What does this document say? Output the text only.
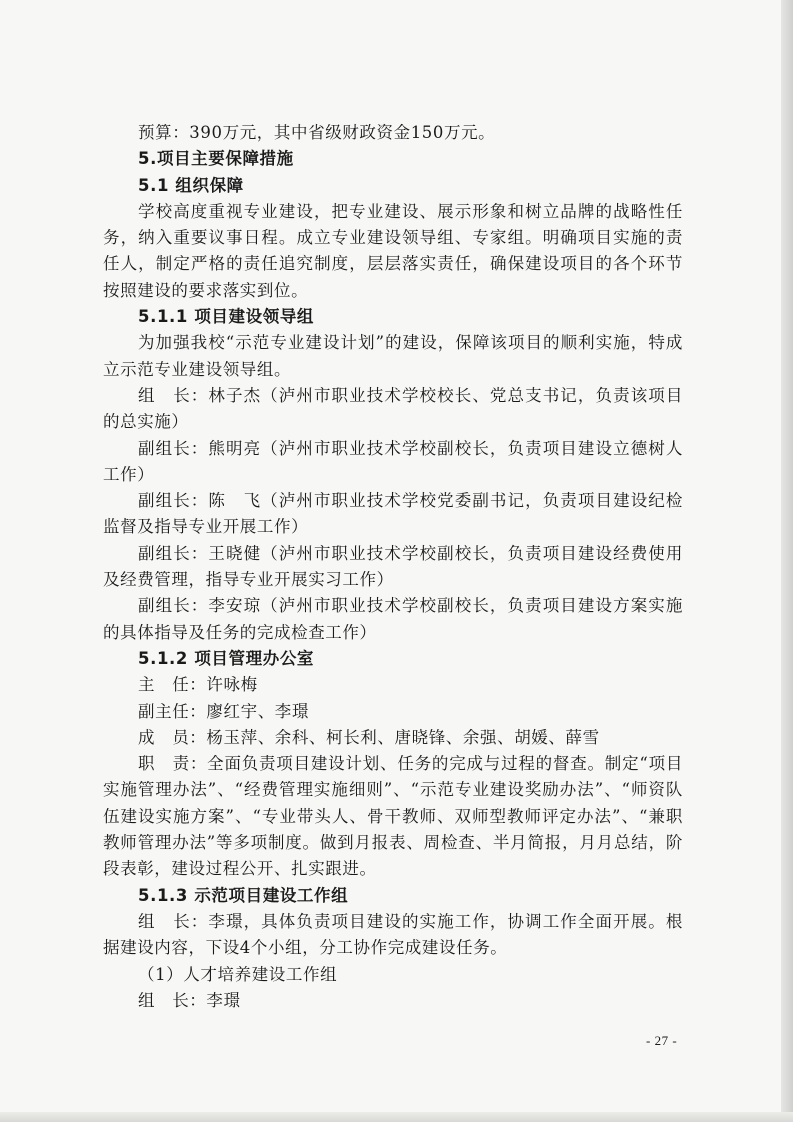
预算：390万元，其中省级财政资金150万元。

5.项目主要保障措施

5.1 组织保障

学校高度重视专业建设，把专业建设、展示形象和树立品牌的战略性任务，纳入重要议事日程。成立专业建设领导组、专家组。明确项目实施的责任人，制定严格的责任追究制度，层层落实责任，确保建设项目的各个环节按照建设的要求落实到位。

5.1.1 项目建设领导组

为加强我校“示范专业建设计划”的建设，保障该项目的顺利实施，特成立示范专业建设领导组。

组　长：林子杰（泸州市职业技术学校校长、党总支书记，负责该项目的总实施）

副组长：熊明亮（泸州市职业技术学校副校长，负责项目建设立德树人工作）

副组长：陈　飞（泸州市职业技术学校党委副书记，负责项目建设纪检监督及指导专业开展工作）

副组长：王晓健（泸州市职业技术学校副校长，负责项目建设经费使用及经费管理，指导专业开展实习工作）

副组长：李安琼（泸州市职业技术学校副校长，负责项目建设方案实施的具体指导及任务的完成检查工作）

5.1.2 项目管理办公室

主　任：许咏梅

副主任：廖红宇、李璟

成　员：杨玉萍、余科、柯长利、唐晓锋、余强、胡媛、薛雪

职　责：全面负责项目建设计划、任务的完成与过程的督查。制定“项目实施管理办法”、“经费管理实施细则”、“示范专业建设奖励办法”、“师资队伍建设实施方案”、“专业带头人、骨干教师、双师型教师评定办法”、“兼职教师管理办法”等多项制度。做到月报表、周检查、半月简报，月月总结，阶段表彰，建设过程公开、扎实跟进。

5.1.3 示范项目建设工作组

组　长：李璟，具体负责项目建设的实施工作，协调工作全面开展。根据建设内容，下设4个小组，分工协作完成建设任务。

（1）人才培养建设工作组

组　长：李璟

- 27 -
